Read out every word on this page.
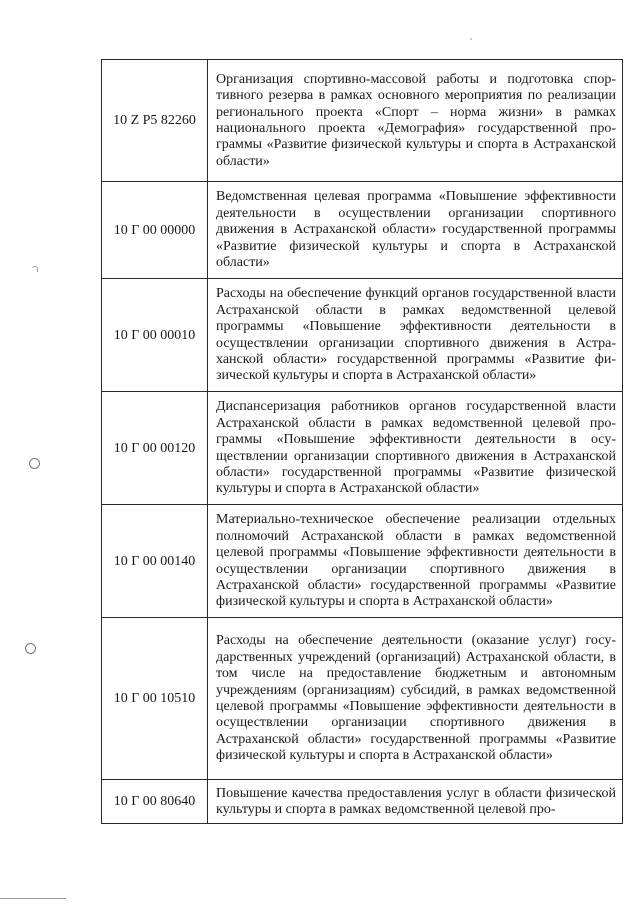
10 Z P5 82260	Организация спортивно-массовой работы и подготовка спортивного резерва в рамках основного мероприятия по реализации регионального проекта «Спорт – норма жизни» в рамках национального проекта «Демография» государственной программы «Развитие физической культуры и спорта в Астраханской области»
10 Г 00 00000	Ведомственная целевая программа «Повышение эффективности деятельности в осуществлении организации спортивного движения в Астраханской области» государственной программы «Развитие физической культуры и спорта в Астраханской области»
10 Г 00 00010	Расходы на обеспечение функций органов государственной власти Астраханской области в рамках ведомственной целевой программы «Повышение эффективности деятельности в осуществлении организации спортивного движения в Астраханской области» государственной программы «Развитие физической культуры и спорта в Астраханской области»
10 Г 00 00120	Диспансеризация работников органов государственной власти Астраханской области в рамках ведомственной целевой программы «Повышение эффективности деятельности в осуществлении организации спортивного движения в Астраханской области» государственной программы «Развитие физической культуры и спорта в Астраханской области»
10 Г 00 00140	Материально-техническое обеспечение реализации отдельных полномочий Астраханской области в рамках ведомственной целевой программы «Повышение эффективности деятельности в осуществлении организации спортивного движения в Астраханской области» государственной программы «Развитие физической культуры и спорта в Астраханской области»
10 Г 00 10510	Расходы на обеспечение деятельности (оказание услуг) государственных учреждений (организаций) Астраханской области, в том числе на предоставление бюджетным и автономным учреждениям (организациям) субсидий, в рамках ведомственной целевой программы «Повышение эффективности деятельности в осуществлении организации спортивного движения в Астраханской области» государственной программы «Развитие физической культуры и спорта в Астраханской области»
10 Г 00 80640	Повышение качества предоставления услуг в области физической культуры и спорта в рамках ведомственной целевой про-
